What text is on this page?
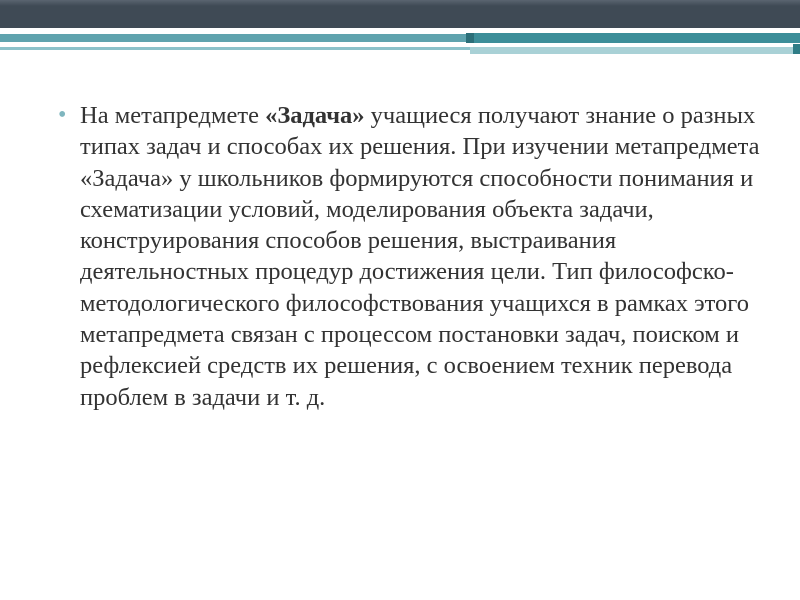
• На метапредмете «Задача» учащиеся получают знание о разных типах задач и способах их решения. При изучении метапредмета «Задача» у школьников формируются способности понимания и схематизации условий, моделирования объекта задачи, конструирования способов решения, выстраивания деятельностных процедур достижения цели. Тип философско-методологического философствования учащихся в рамках этого метапредмета связан с процессом постановки задач, поиском и рефлексией средств их решения, с освоением техник перевода проблем в задачи и т. д.
